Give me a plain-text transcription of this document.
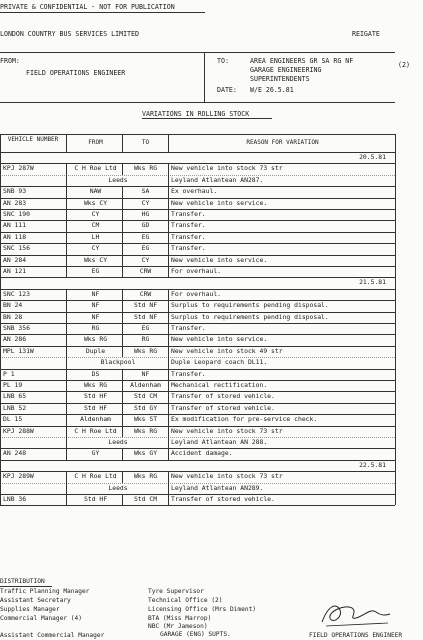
PRIVATE & CONFIDENTIAL - NOT FOR PUBLICATION
LONDON COUNTRY BUS SERVICES LIMITED	REIGATE
FROM:
FIELD OPERATIONS ENGINEER
TO:	AREA ENGINEERS GR SA RG NF
GARAGE ENGINEERING
SUPERINTENDENTS
DATE: W/E 26.5.81
(2)
VARIATIONS IN ROLLING STOCK
VEHICLE NUMBER	FROM	TO	REASON FOR VARIATION
20.5.81
KPJ 287W	C H Roe Ltd	Wks RG	New vehicle into stock 73 str
Leeds	Leyland Atlantean AN287.
SNB 93	NAW	SA	Ex overhaul.
AN 283	Wks CY	CY	New vehicle into service.
SNC 190	CY	HG	Transfer.
AN 111	CM	GD	Transfer.
AN 118	LH	EG	Transfer.
SNC 156	CY	EG	Transfer.
AN 284	Wks CY	CY	New vehicle into service.
AN 121	EG	CRW	For overhaul.
21.5.81
SNC 123	NF	CRW	For overhaul.
BN 24	NF	Std NF	Surplus to requirements pending disposal.
BN 28	NF	Std NF	Surplus to requirements pending disposal.
SNB 356	RG	EG	Transfer.
AN 286	Wks RG	RG	New vehicle into service.
MPL 131W	Duple	Wks RG	New vehicle into stock 49 str
Blackpool	Duple Leopard coach DL11.
P 1	DS	NF	Transfer.
PL 19	Wks RG	Aldenham	Mechanical rectification.
LNB 65	Std HF	Std CM	Transfer of stored vehicle.
LNB 52	Std HF	Std GY	Transfer of stored vehicle.
DL 15	Aldenham	Wks ST	Ex modification for pre-service check.
KPJ 288W	C H Roe Ltd	Wks RG	New vehicle into stock 73 str
Leeds	Leyland Atlantean AN 288.
AN 248	GY	Wks GY	Accident damage.
22.5.81
KPJ 289W	C H Roe Ltd	Wks RG	New vehicle into stock 73 str
Leeds	Leyland Atlantean AN289.
LNB 36	Std HF	Std CM	Transfer of stored vehicle.
DISTRIBUTION
Traffic Planning Manager
Assistant Secretary
Supplies Manager
Commercial Manager (4)
Assistant Commercial Manager
Tyre Supervisor
Technical Office (2)
Licensing Office (Mrs Diment)
BTA (Miss Marrop)
NBC (Mr Jameson)
GARAGE (ENG) SUPTS.	FIELD OPERATIONS ENGINEER
